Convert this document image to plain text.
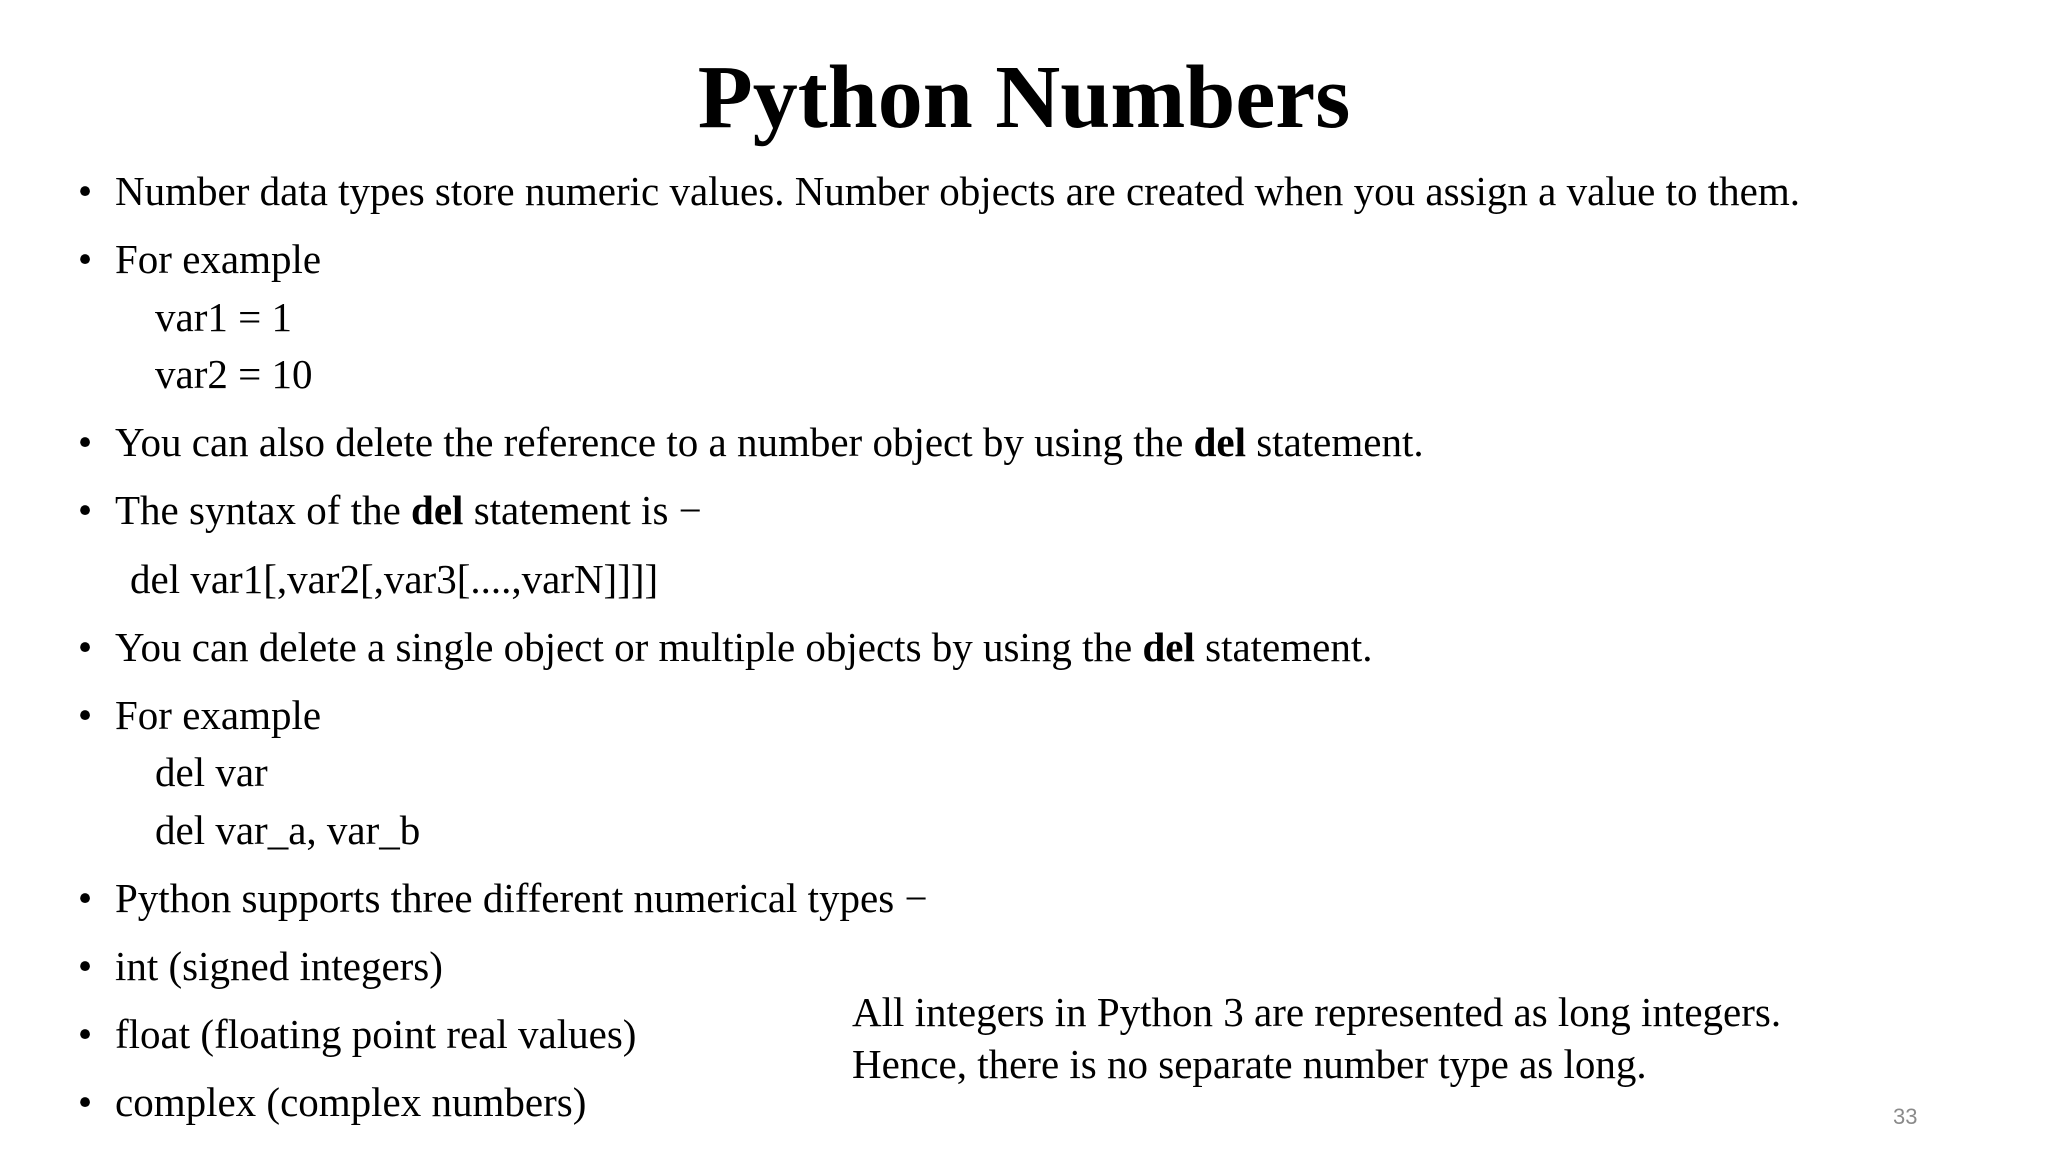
Python Numbers
• Number data types store numeric values. Number objects are created when you assign a value to them.
• For example
var1 = 1
var2 = 10
• You can also delete the reference to a number object by using the del statement.
• The syntax of the del statement is −
del var1[,var2[,var3[....,varN]]]]
• You can delete a single object or multiple objects by using the del statement.
• For example
del var
del var_a, var_b
• Python supports three different numerical types −
• int (signed integers)
• float (floating point real values)
• complex (complex numbers)
All integers in Python 3 are represented as long integers.
Hence, there is no separate number type as long.
33
